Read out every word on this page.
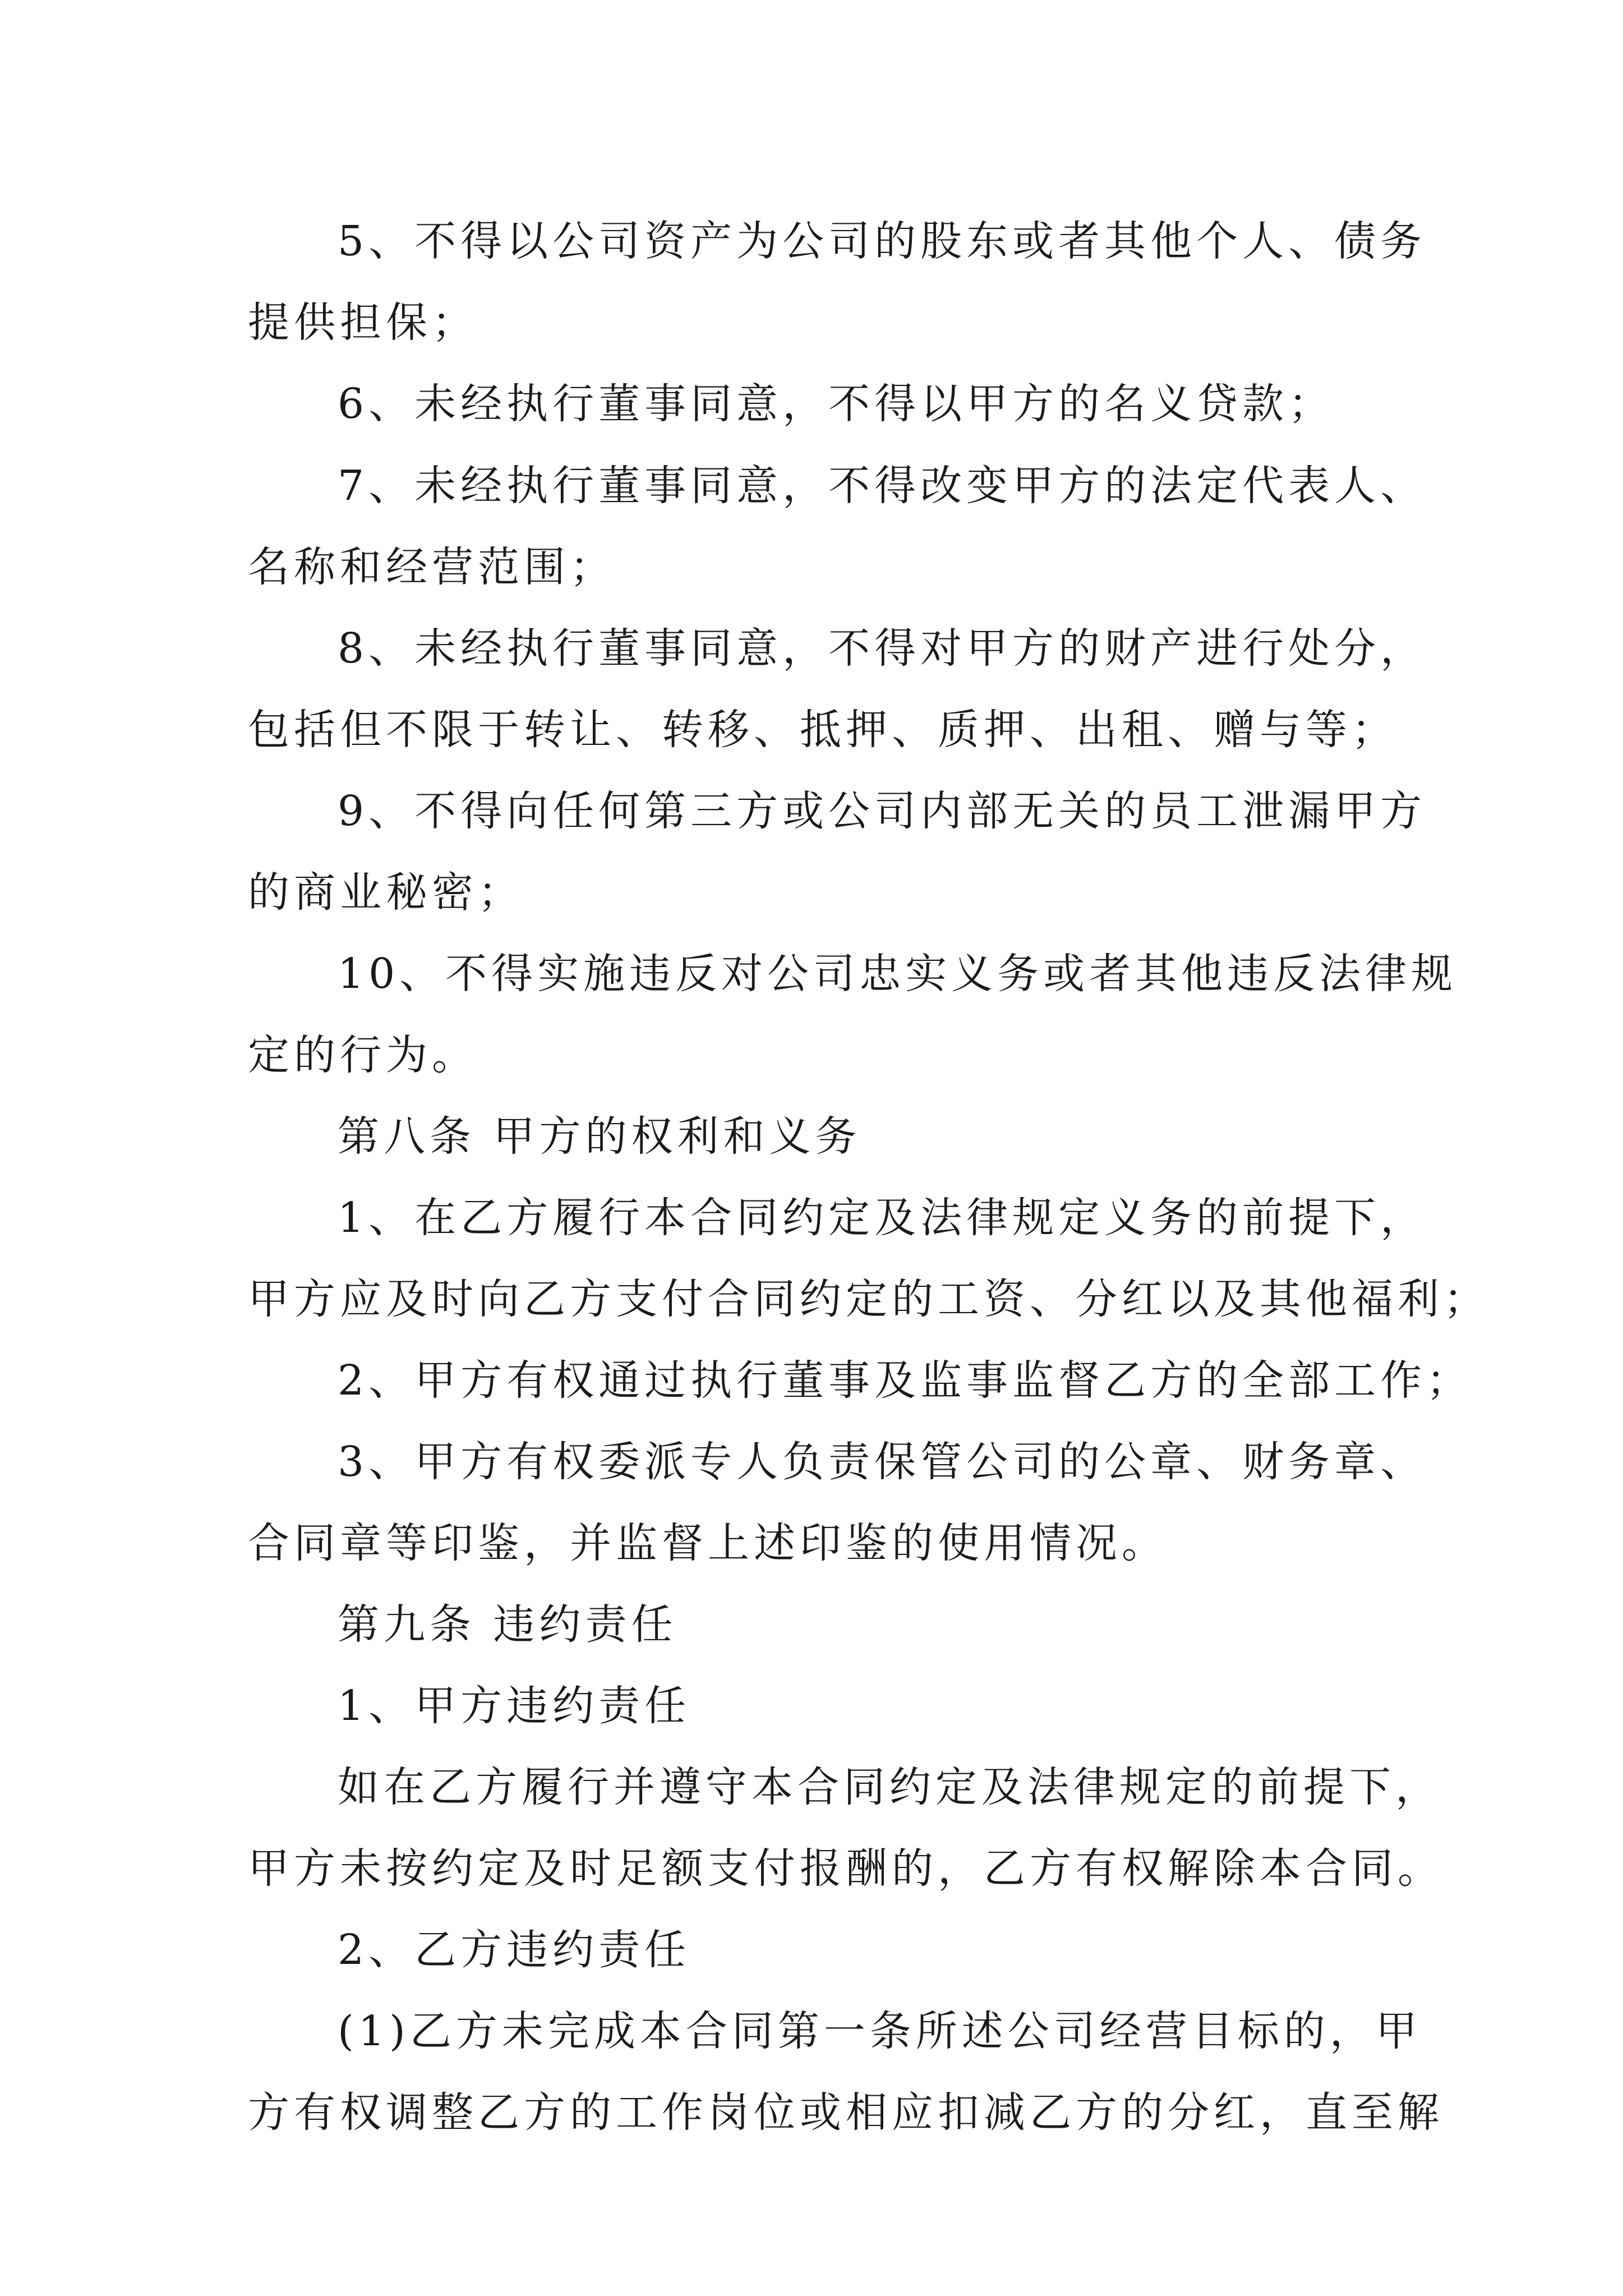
5、不得以公司资产为公司的股东或者其他个人、债务
提供担保；
6、未经执行董事同意，不得以甲方的名义贷款；
7、未经执行董事同意，不得改变甲方的法定代表人、
名称和经营范围；
8、未经执行董事同意，不得对甲方的财产进行处分，
包括但不限于转让、转移、抵押、质押、出租、赠与等；
9、不得向任何第三方或公司内部无关的员工泄漏甲方
的商业秘密；
10、不得实施违反对公司忠实义务或者其他违反法律规
定的行为。
第八条 甲方的权利和义务
1、在乙方履行本合同约定及法律规定义务的前提下，
甲方应及时向乙方支付合同约定的工资、分红以及其他福利；
2、甲方有权通过执行董事及监事监督乙方的全部工作；
3、甲方有权委派专人负责保管公司的公章、财务章、
合同章等印鉴，并监督上述印鉴的使用情况。
第九条 违约责任
1、甲方违约责任
如在乙方履行并遵守本合同约定及法律规定的前提下，
甲方未按约定及时足额支付报酬的，乙方有权解除本合同。
2、乙方违约责任
(1)乙方未完成本合同第一条所述公司经营目标的，甲
方有权调整乙方的工作岗位或相应扣减乙方的分红，直至解
